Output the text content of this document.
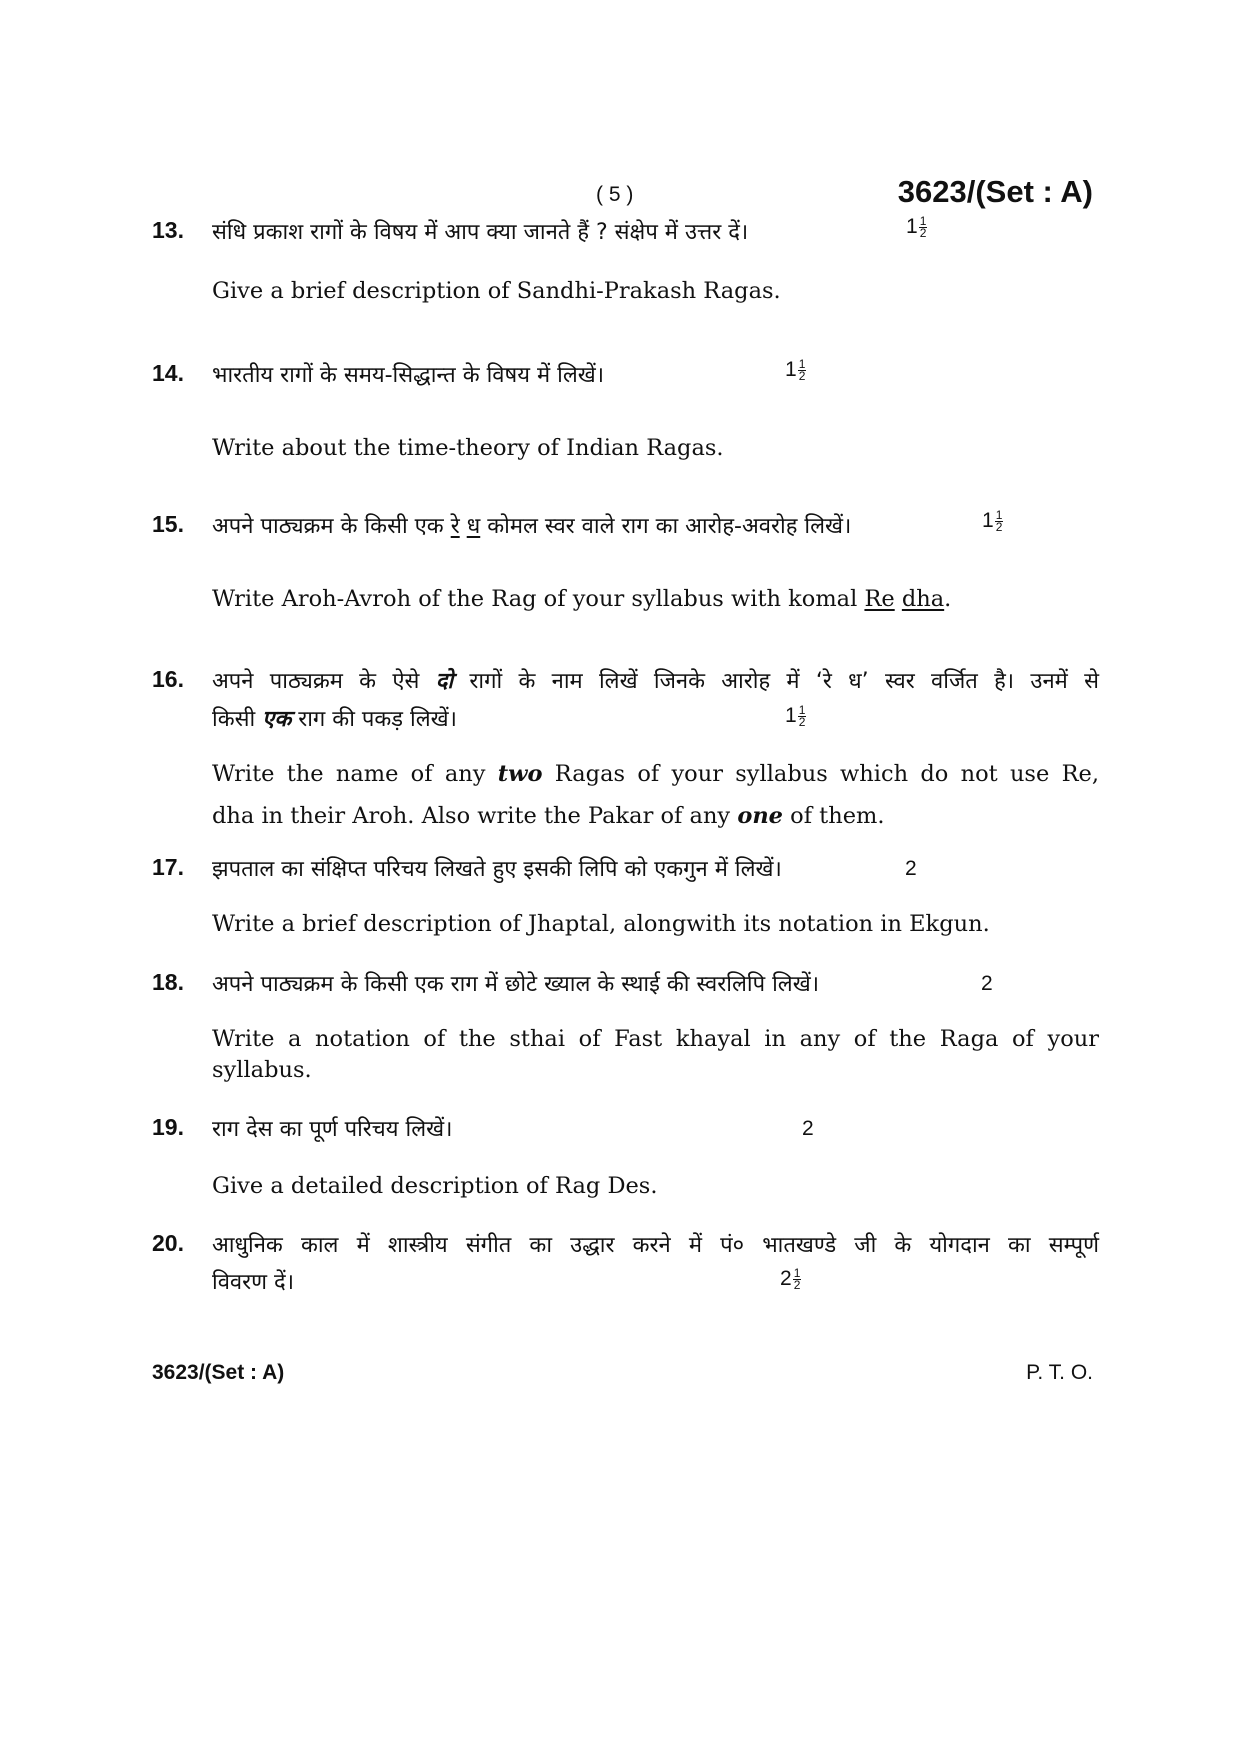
( 5 )	3623/(Set : A)
13. संधि प्रकाश रागों के विषय में आप क्या जानते हैं ? संक्षेप में उत्तर दें।	$1 \frac{1}{2}$
Give a brief description of Sandhi-Prakash Ragas.
14. भारतीय रागों के समय-सिद्धान्त के विषय में लिखें।	$1 \frac{1}{2}$
Write about the time-theory of Indian Ragas.
15. अपने पाठ्यक्रम के किसी एक रे ध कोमल स्वर वाले राग का आरोह-अवरोह लिखें।	$1 \frac{1}{2}$
Write Aroh-Avroh of the Rag of your syllabus with komal Re dha.
16. अपने पाठ्यक्रम के ऐसे दो रागों के नाम लिखें जिनके आरोह में ‘रे ध’ स्वर वर्जित है। उनमें से
किसी एक राग की पकड़ लिखें।	$1 \frac{1}{2}$
Write the name of any two Ragas of your syllabus which do not use Re,
dha in their Aroh. Also write the Pakar of any one of them.
17. झपताल का संक्षिप्त परिचय लिखते हुए इसकी लिपि को एकगुन में लिखें।	2
Write a brief description of Jhaptal, alongwith its notation in Ekgun.
18. अपने पाठ्यक्रम के किसी एक राग में छोटे ख्याल के स्थाई की स्वरलिपि लिखें।	2
Write a notation of the sthai of Fast khayal in any of the Raga of your
syllabus.
19. राग देस का पूर्ण परिचय लिखें।	2
Give a detailed description of Rag Des.
20. आधुनिक काल में शास्त्रीय संगीत का उद्धार करने में पं० भातखण्डे जी के योगदान का सम्पूर्ण
विवरण दें।	$2 \frac{1}{2}$
3623/(Set : A)	P. T. O.
